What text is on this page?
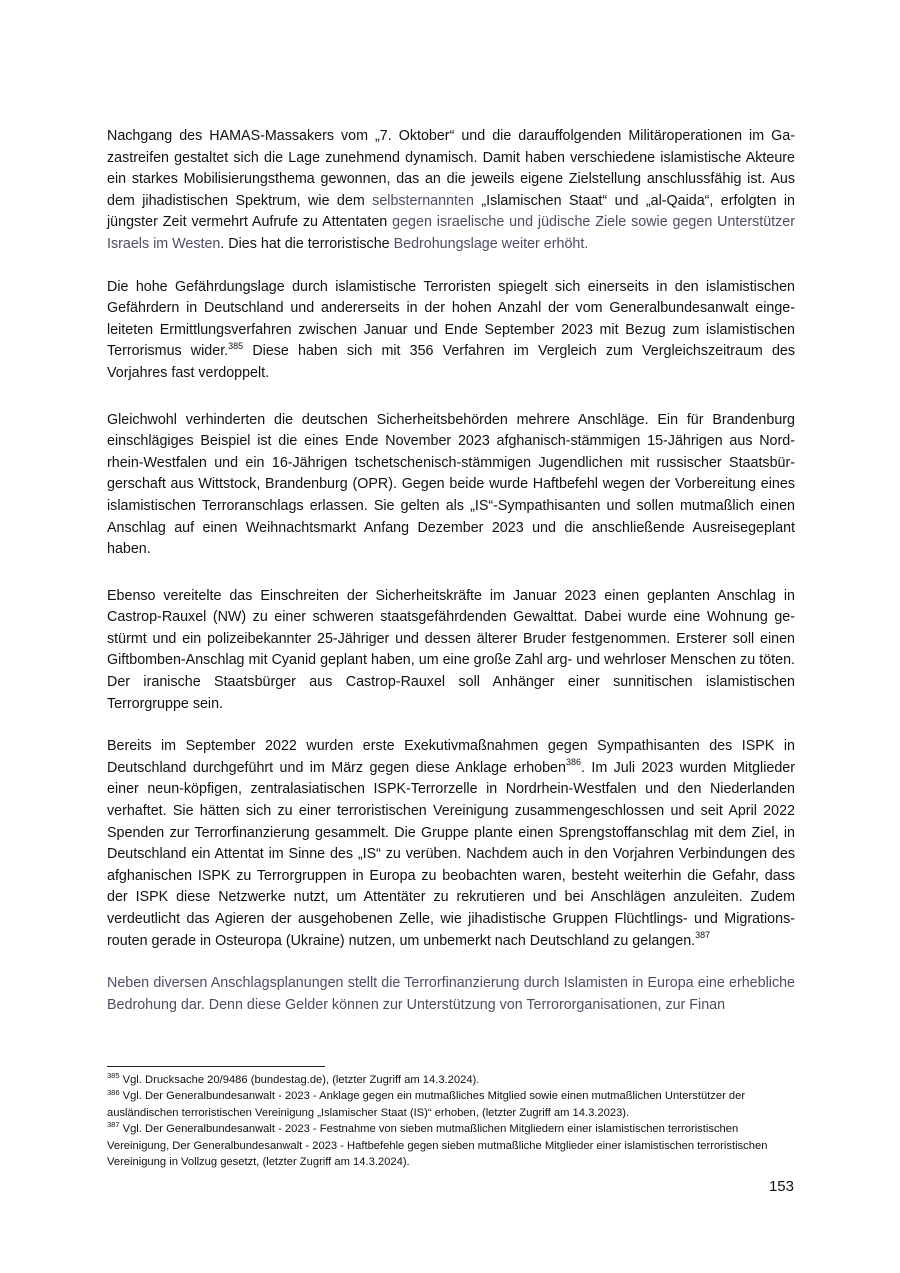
Nachgang des HAMAS-Massakers vom „7. Oktober“ und die darauffolgenden Militäroperationen im Gazastreifen gestaltet sich die Lage zunehmend dynamisch. Damit haben verschiedene islamistische Akteure ein starkes Mobilisierungsthema gewonnen, das an die jeweils eigene Zielstellung anschlussfähig ist. Aus dem jihadistischen Spektrum, wie dem selbsternannten „Islamischen Staat“ und „al-Qaida“, erfolgten in jüngster Zeit vermehrt Aufrufe zu Attentaten gegen israelische und jüdische Ziele sowie gegen Unterstützer Israels im Westen. Dies hat die terroristische Bedrohungslage weiter erhöht.

Die hohe Gefährdungslage durch islamistische Terroristen spiegelt sich einerseits in den islamistischen Gefährdern in Deutschland und andererseits in der hohen Anzahl der vom Generalbundesanwalt eingeleiteten Ermittlungsverfahren zwischen Januar und Ende September 2023 mit Bezug zum islamistischen Terrorismus wider.$^{385}$ Diese haben sich mit 356 Verfahren im Vergleich zum Vergleichszeitraum des Vorjahres fast verdoppelt.

Gleichwohl verhinderten die deutschen Sicherheitsbehörden mehrere Anschläge. Ein für Brandenburg einschlägiges Beispiel ist die eines Ende November 2023 afghanisch-stämmigen 15-Jährigen aus Nordrhein-Westfalen und ein 16-Jährigen tschetschenisch-stämmigen Jugendlichen mit russischer Staatsbürgerschaft aus Wittstock, Brandenburg (OPR). Gegen beide wurde Haftbefehl wegen der Vorbereitung eines islamistischen Terroranschlags erlassen. Sie gelten als „IS“-Sympathisanten und sollen mutmaßlich einen Anschlag auf einen Weihnachtsmarkt Anfang Dezember 2023 und die anschließende Ausreisegeplant haben.

Ebenso vereitelte das Einschreiten der Sicherheitskräfte im Januar 2023 einen geplanten Anschlag in Castrop-Rauxel (NW) zu einer schweren staatsgefährdenden Gewalttat. Dabei wurde eine Wohnung gestürmt und ein polizeibekannter 25-Jähriger und dessen älterer Bruder festgenommen. Ersterer soll einen Giftbomben-Anschlag mit Cyanid geplant haben, um eine große Zahl arg- und wehrloser Menschen zu töten. Der iranische Staatsbürger aus Castrop-Rauxel soll Anhänger einer sunnitischen islamistischen Terrorgruppe sein.

Bereits im September 2022 wurden erste Exekutivmaßnahmen gegen Sympathisanten des ISPK in Deutschland durchgeführt und im März gegen diese Anklage erhoben$^{386}$. Im Juli 2023 wurden Mitglieder einer neun-köpfigen, zentralasiatischen ISPK-Terrorzelle in Nordrhein-Westfalen und den Niederlanden verhaftet. Sie hätten sich zu einer terroristischen Vereinigung zusammengeschlossen und seit April 2022 Spenden zur Terrorfinanzierung gesammelt. Die Gruppe plante einen Sprengstoffanschlag mit dem Ziel, in Deutschland ein Attentat im Sinne des „IS“ zu verüben. Nachdem auch in den Vorjahren Verbindungen des afghanischen ISPK zu Terrorgruppen in Europa zu beobachten waren, besteht weiterhin die Gefahr, dass der ISPK diese Netzwerke nutzt, um Attentäter zu rekrutieren und bei Anschlägen anzuleiten. Zudem verdeutlicht das Agieren der ausgehobenen Zelle, wie jihadistische Gruppen Flüchtlings- und Migrationsrouten gerade in Osteuropa (Ukraine) nutzen, um unbemerkt nach Deutschland zu gelangen.$^{387}$

Neben diversen Anschlagsplanungen stellt die Terrorfinanzierung durch Islamisten in Europa eine erhebliche Bedrohung dar. Denn diese Gelder können zur Unterstützung von Terrororganisationen, zur Finan

$^{385}$ Vgl. Drucksache 20/9486 (bundestag.de), (letzter Zugriff am 14.3.2024).

$^{386}$ Vgl. Der Generalbundesanwalt - 2023 - Anklage gegen ein mutmaßliches Mitglied sowie einen mutmaßlichen Unterstützer der ausländischen terroristischen Vereinigung „Islamischer Staat (IS)“ erhoben, (letzter Zugriff am 14.3.2023).

$^{387}$ Vgl. Der Generalbundesanwalt - 2023 - Festnahme von sieben mutmaßlichen Mitgliedern einer islamistischen terroristischen Vereinigung, Der Generalbundesanwalt - 2023 - Haftbefehle gegen sieben mutmaßliche Mitglieder einer islamistischen terroristischen Vereinigung in Vollzug gesetzt, (letzter Zugriff am 14.3.2024).

153
